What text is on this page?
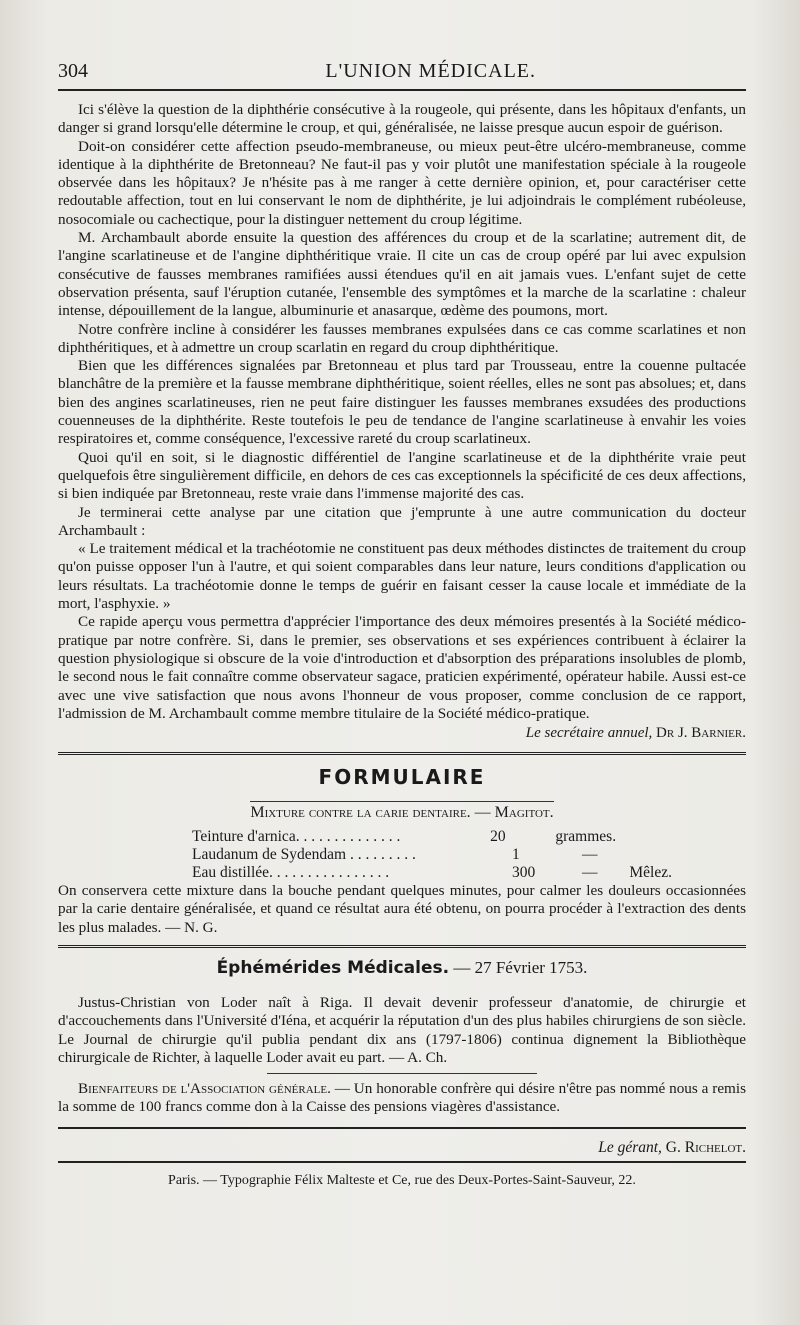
304	L'UNION MÉDICALE.

Ici s'élève la question de la diphthérie consécutive à la rougeole, qui présente, dans les hôpitaux d'enfants, un danger si grand lorsqu'elle détermine le croup, et qui, généralisée, ne laisse presque aucun espoir de guérison.

Doit-on considérer cette affection pseudo-membraneuse, ou mieux peut-être ulcéro-membraneuse, comme identique à la diphthérite de Bretonneau? Ne faut-il pas y voir plutôt une manifestation spéciale à la rougeole observée dans les hôpitaux? Je n'hésite pas à me ranger à cette dernière opinion, et, pour caractériser cette redoutable affection, tout en lui conservant le nom de diphthérite, je lui adjoindrais le complément rubéoleuse, nosocomiale ou cachectique, pour la distinguer nettement du croup légitime.

M. Archambault aborde ensuite la question des afférences du croup et de la scarlatine; autrement dit, de l'angine scarlatineuse et de l'angine diphthéritique vraie. Il cite un cas de croup opéré par lui avec expulsion consécutive de fausses membranes ramifiées aussi étendues qu'il en ait jamais vues. L'enfant sujet de cette observation présenta, sauf l'éruption cutanée, l'ensemble des symptômes et la marche de la scarlatine : chaleur intense, dépouillement de la langue, albuminurie et anasarque, œdème des poumons, mort.

Notre confrère incline à considérer les fausses membranes expulsées dans ce cas comme scarlatines et non diphthéritiques, et à admettre un croup scarlatin en regard du croup diphthéritique.

Bien que les différences signalées par Bretonneau et plus tard par Trousseau, entre la couenne pultacée blanchâtre de la première et la fausse membrane diphthéritique, soient réelles, elles ne sont pas absolues; et, dans bien des angines scarlatineuses, rien ne peut faire distinguer les fausses membranes exsudées des productions couenneuses de la diphthérite. Reste toutefois le peu de tendance de l'angine scarlatineuse à envahir les voies respiratoires et, comme conséquence, l'excessive rareté du croup scarlatineux.

Quoi qu'il en soit, si le diagnostic différentiel de l'angine scarlatineuse et de la diphthérite vraie peut quelquefois être singulièrement difficile, en dehors de ces cas exceptionnels la spécificité de ces deux affections, si bien indiquée par Bretonneau, reste vraie dans l'immense majorité des cas.

Je terminerai cette analyse par une citation que j'emprunte à une autre communication du docteur Archambault :

« Le traitement médical et la trachéotomie ne constituent pas deux méthodes distinctes de traitement du croup qu'on puisse opposer l'un à l'autre, et qui soient comparables dans leur nature, leurs conditions d'application ou leurs résultats. La trachéotomie donne le temps de guérir en faisant cesser la cause locale et immédiate de la mort, l'asphyxie. »

Ce rapide aperçu vous permettra d'apprécier l'importance des deux mémoires presentés à la Société médico-pratique par notre confrère. Si, dans le premier, ses observations et ses expériences contribuent à éclairer la question physiologique si obscure de la voie d'introduction et d'absorption des préparations insolubles de plomb, le second nous le fait connaître comme observateur sagace, praticien expérimenté, opérateur habile. Aussi est-ce avec une vive satisfaction que nous avons l'honneur de vous proposer, comme conclusion de ce rapport, l'admission de M. Archambault comme membre titulaire de la Société médico-pratique.

Le secrétaire annuel, Dr J. Barnier.
FORMULAIRE
Mixture contre la carie dentaire. — Magitot.
Teinture d'arnica. . . . . . . . . . . . . .	20	grammes.
Laudanum de Sydendam . . . . . . . . .	1	—
Eau distillée. . . . . . . . . . . . . . . .	300	—	Mêlez.

On conservera cette mixture dans la bouche pendant quelques minutes, pour calmer les douleurs occasionnées par la carie dentaire généralisée, et quand ce résultat aura été obtenu, on pourra procéder à l'extraction des dents les plus malades. — N. G.

Éphémérides Médicales. — 27 Février 1753.

Justus-Christian von Loder naît à Riga. Il devait devenir professeur d'anatomie, de chirurgie et d'accouchements dans l'Université d'Iéna, et acquérir la réputation d'un des plus habiles chirurgiens de son siècle. Le Journal de chirurgie qu'il publia pendant dix ans (1797-1806) continua dignement la Bibliothèque chirurgicale de Richter, à laquelle Loder avait eu part. — A. Ch.

Bienfaiteurs de l'Association générale. — Un honorable confrère qui désire n'être pas nommé nous a remis la somme de 100 francs comme don à la Caisse des pensions viagères d'assistance.

Le gérant, G. Richelot.
Paris. — Typographie Félix Malteste et Ce, rue des Deux-Portes-Saint-Sauveur, 22.
